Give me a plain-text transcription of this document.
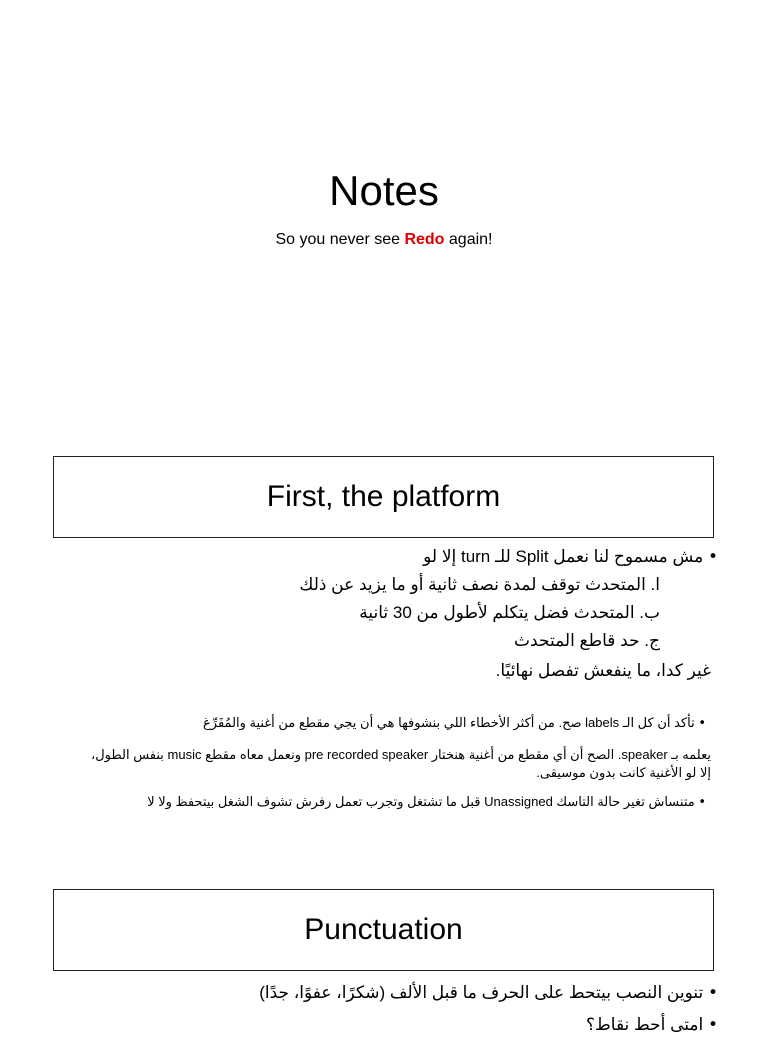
Notes
So you never see Redo again!
First, the platform
• مش مسموح لنا نعمل Split للـ turn إلا لو
ا. المتحدث توقف لمدة نصف ثانية أو ما يزيد عن ذلك
ب. المتحدث فضل يتكلم لأطول من 30 ثانية
ج. حد قاطع المتحدث
غير كدا، ما ينفعش تفصل نهائيًا.
• تأكد أن كل الـ labels صح. من أكثر الأخطاء اللي بنشوفها هي أن يجي مقطع من أغنية والمُفَرِّغ
يعلمه بـ speaker. الصح أن أي مقطع من أغنية هنختار pre recorded speaker ونعمل معاه مقطع music بنفس الطول،
إلا لو الأغنية كانت بدون موسيقى.
• متنساش تغير حالة التاسك Unassigned قبل ما تشتغل وتجرب تعمل رفرش تشوف الشغل بيتحفظ ولا لا
Punctuation
• تنوين النصب بيتحط على الحرف ما قبل الألف (شكرًا، عفوًا، جدًا)
• امتى أحط نقاط؟
